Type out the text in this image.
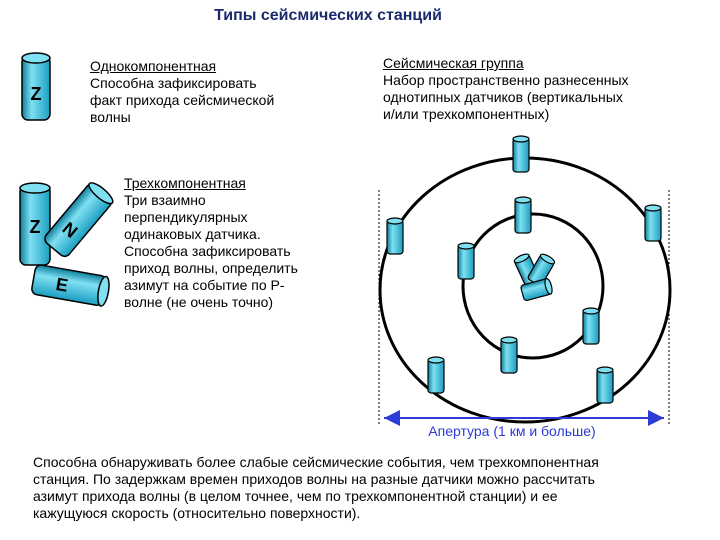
Типы сейсмических станций
Однокомпонентная
Способна зафиксировать
факт прихода сейсмической
волны
Трехкомпонентная
Три взаимно
перпендикулярных
одинаковых датчика.
Способна зафиксировать
приход волны, определить
азимут на событие по P-
волне (не очень точно)
Сейсмическая группа
Набор пространственно разнесенных
однотипных датчиков (вертикальных
и/или трехкомпонентных)
Способна обнаруживать более слабые сейсмические события, чем трехкомпонентная
станция. По задержкам времен приходов волны на разные датчики можно рассчитать
азимут прихода волны (в целом точнее, чем по трехкомпонентной станции) и ее
кажущуюся скорость (относительно поверхности).
Z
Z N
E
Апертура (1 км и больше)
